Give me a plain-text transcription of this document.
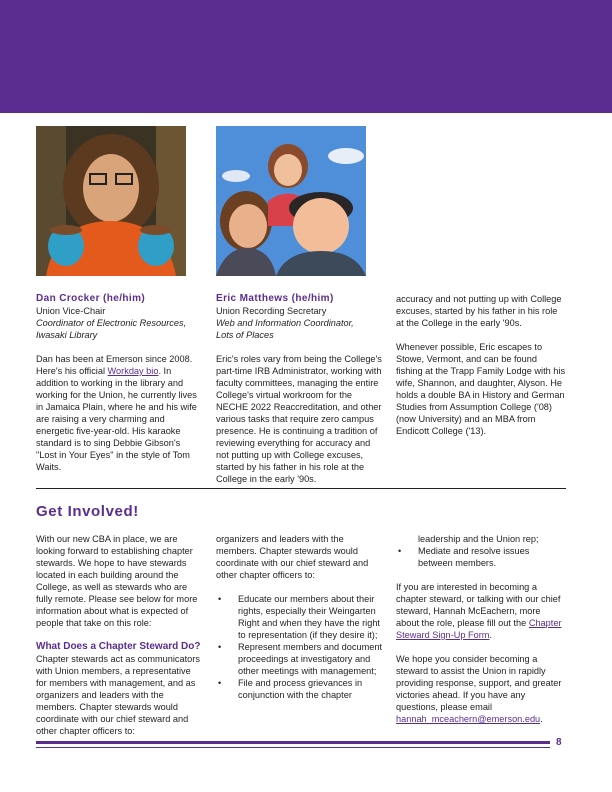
Dan Crocker (he/him)

Union Vice-Chair

Coordinator of Electronic Resources,

Iwasaki Library

Dan has been at Emerson since 2008. Here's his official Workday bio. In addition to working in the library and working for the Union, he currently lives in Jamaica Plain, where he and his wife are raising a very charming and energetic five-year-old. His karaoke standard is to sing Debbie Gibson's "Lost in Your Eyes" in the style of Tom Waits.

Eric Matthews (he/him)

Union Recording Secretary

Web and Information Coordinator,

Lots of Places

Eric's roles vary from being the College's part-time IRB Administrator, working with faculty committees, managing the entire College's virtual workroom for the NECHE 2022 Reaccreditation, and other various tasks that require zero campus presence. He is continuing a tradition of reviewing everything for accuracy and not putting up with College excuses, started by his father in his role at the College in the early '90s.

accuracy and not putting up with College excuses, started by his father in his role at the College in the early '90s.

Whenever possible, Eric escapes to Stowe, Vermont, and can be found fishing at the Trapp Family Lodge with his wife, Shannon, and daughter, Alyson. He holds a double BA in History and German Studies from Assumption College ('08) (now University) and an MBA from Endicott College ('13).

Get Involved!

With our new CBA in place, we are looking forward to establishing chapter stewards. We hope to have stewards located in each building around the College, as well as stewards who are fully remote. Please see below for more information about what is expected of people that take on this role:

What Does a Chapter Steward Do?

Chapter stewards act as communicators with Union members, a representative for members with management, and as organizers and leaders with the members. Chapter stewards would coordinate with our chief steward and other chapter officers to:

organizers and leaders with the members. Chapter stewards would coordinate with our chief steward and other chapter officers to:

• Educate our members about their rights, especially their Weingarten Right and when they have the right to representation (if they desire it);
• Represent members and document proceedings at investigatory and other meetings with management;
• File and process grievances in conjunction with the chapter

leadership and the Union rep;

• Mediate and resolve issues between members.

If you are interested in becoming a chapter steward, or talking with our chief steward, Hannah McEachern, more about the role, please fill out the Chapter Steward Sign-Up Form.

We hope you consider becoming a steward to assist the Union in rapidly providing response, support, and greater victories ahead. If you have any questions, please email hannah_mceachern@emerson.edu.

8
